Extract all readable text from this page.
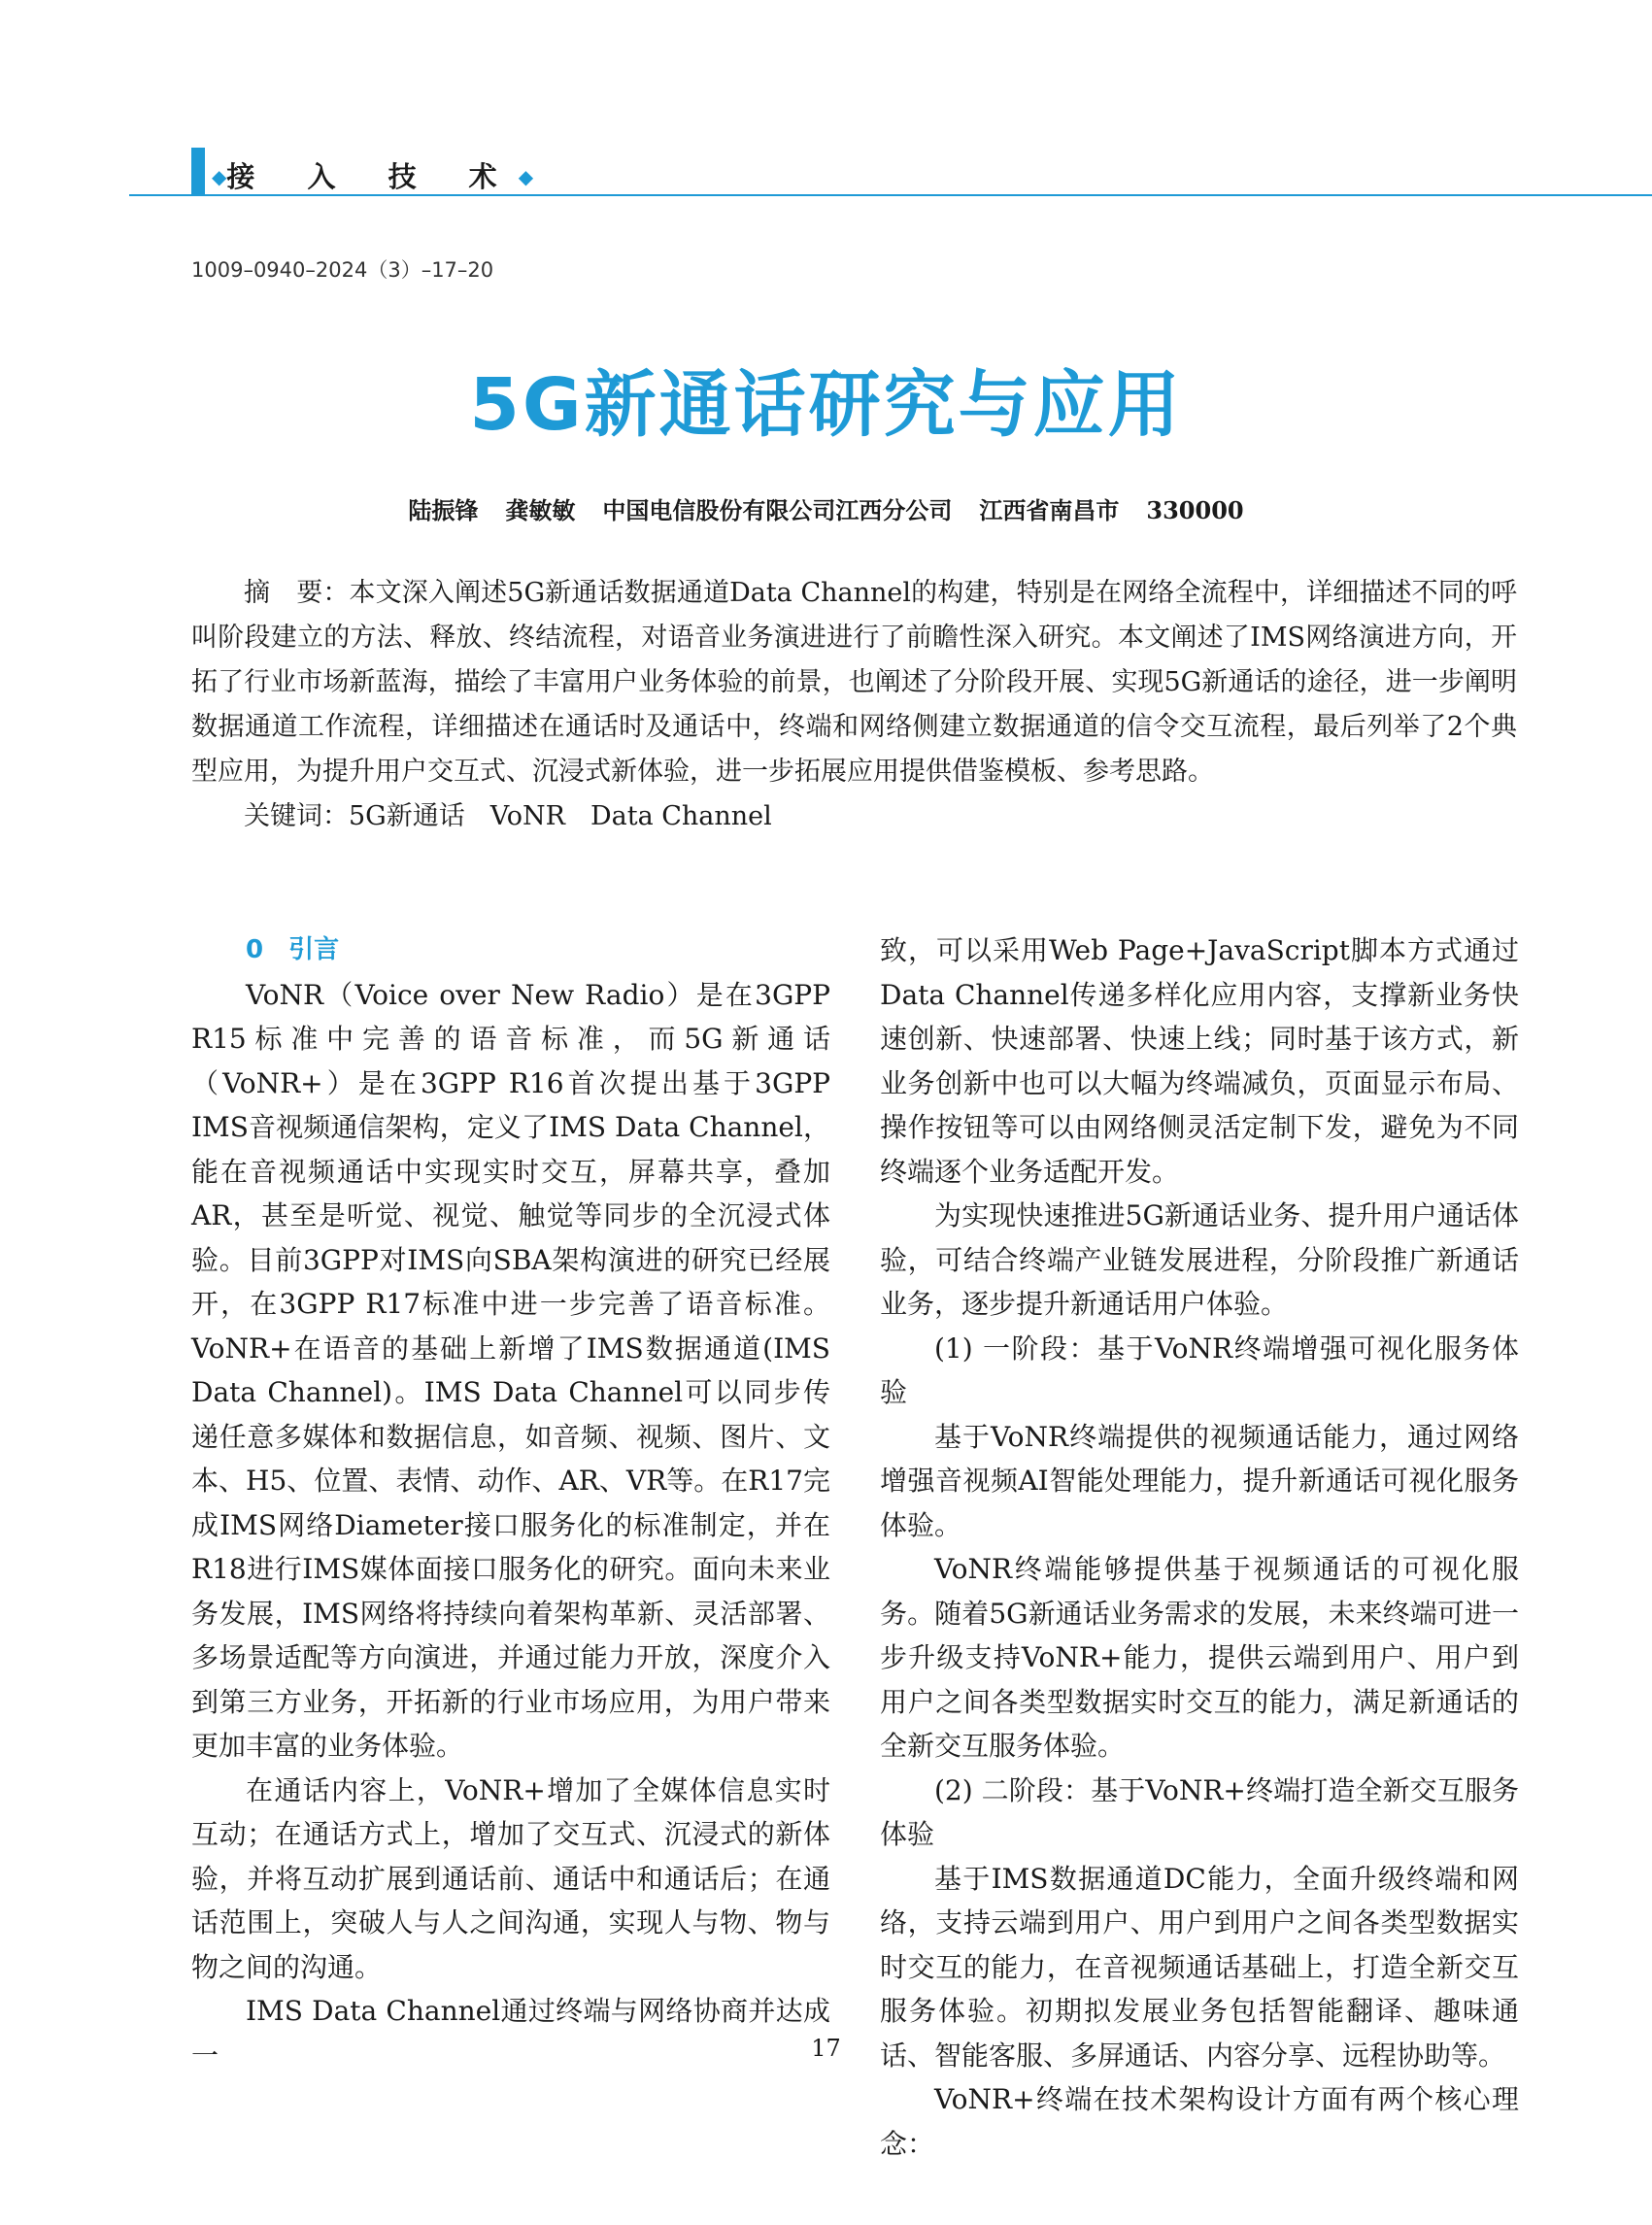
◆接 入 技 术◆
1009–0940–2024（3）–17–20
5G新通话研究与应用
陆振锋 龚敏敏 中国电信股份有限公司江西分公司 江西省南昌市 330000

摘　要：本文深入阐述5G新通话数据通道Data Channel的构建，特别是在网络全流程中，详细描述不同的呼叫阶段建立的方法、释放、终结流程，对语音业务演进进行了前瞻性深入研究。本文阐述了IMS网络演进方向，开拓了行业市场新蓝海，描绘了丰富用户业务体验的前景，也阐述了分阶段开展、实现5G新通话的途径，进一步阐明数据通道工作流程，详细描述在通话时及通话中，终端和网络侧建立数据通道的信令交互流程，最后列举了2个典型应用，为提升用户交互式、沉浸式新体验，进一步拓展应用提供借鉴模板、参考思路。

关键词：5G新通话 VoNR Data Channel
0　引言

VoNR（Voice over New Radio）是在3GPP R15标准中完善的语音标准，而5G新通话（VoNR+）是在3GPP R16首次提出基于3GPP IMS音视频通信架构，定义了IMS Data Channel，能在音视频通话中实现实时交互，屏幕共享，叠加AR，甚至是听觉、视觉、触觉等同步的全沉浸式体验。目前3GPP对IMS向SBA架构演进的研究已经展开，在3GPP R17标准中进一步完善了语音标准。VoNR+在语音的基础上新增了IMS数据通道(IMS Data Channel)。IMS Data Channel可以同步传递任意多媒体和数据信息，如音频、视频、图片、文本、H5、位置、表情、动作、AR、VR等。在R17完成IMS网络Diameter接口服务化的标准制定，并在R18进行IMS媒体面接口服务化的研究。面向未来业务发展，IMS网络将持续向着架构革新、灵活部署、多场景适配等方向演进，并通过能力开放，深度介入到第三方业务，开拓新的行业市场应用，为用户带来更加丰富的业务体验。

在通话内容上，VoNR+增加了全媒体信息实时互动；在通话方式上，增加了交互式、沉浸式的新体验，并将互动扩展到通话前、通话中和通话后；在通话范围上，突破人与人之间沟通，实现人与物、物与物之间的沟通。

IMS Data Channel通过终端与网络协商并达成一

致，可以采用Web Page+JavaScript脚本方式通过Data Channel传递多样化应用内容，支撑新业务快速创新、快速部署、快速上线；同时基于该方式，新业务创新中也可以大幅为终端减负，页面显示布局、操作按钮等可以由网络侧灵活定制下发，避免为不同终端逐个业务适配开发。

为实现快速推进5G新通话业务、提升用户通话体验，可结合终端产业链发展进程，分阶段推广新通话业务，逐步提升新通话用户体验。

(1) 一阶段：基于VoNR终端增强可视化服务体验

基于VoNR终端提供的视频通话能力，通过网络增强音视频AI智能处理能力，提升新通话可视化服务体验。

VoNR终端能够提供基于视频通话的可视化服务。随着5G新通话业务需求的发展，未来终端可进一步升级支持VoNR+能力，提供云端到用户、用户到用户之间各类型数据实时交互的能力，满足新通话的全新交互服务体验。

(2) 二阶段：基于VoNR+终端打造全新交互服务体验

基于IMS数据通道DC能力，全面升级终端和网络，支持云端到用户、用户到用户之间各类型数据实时交互的能力，在音视频通话基础上，打造全新交互服务体验。初期拟发展业务包括智能翻译、趣味通话、智能客服、多屏通话、内容分享、远程协助等。

VoNR+终端在技术架构设计方面有两个核心理念：

17
